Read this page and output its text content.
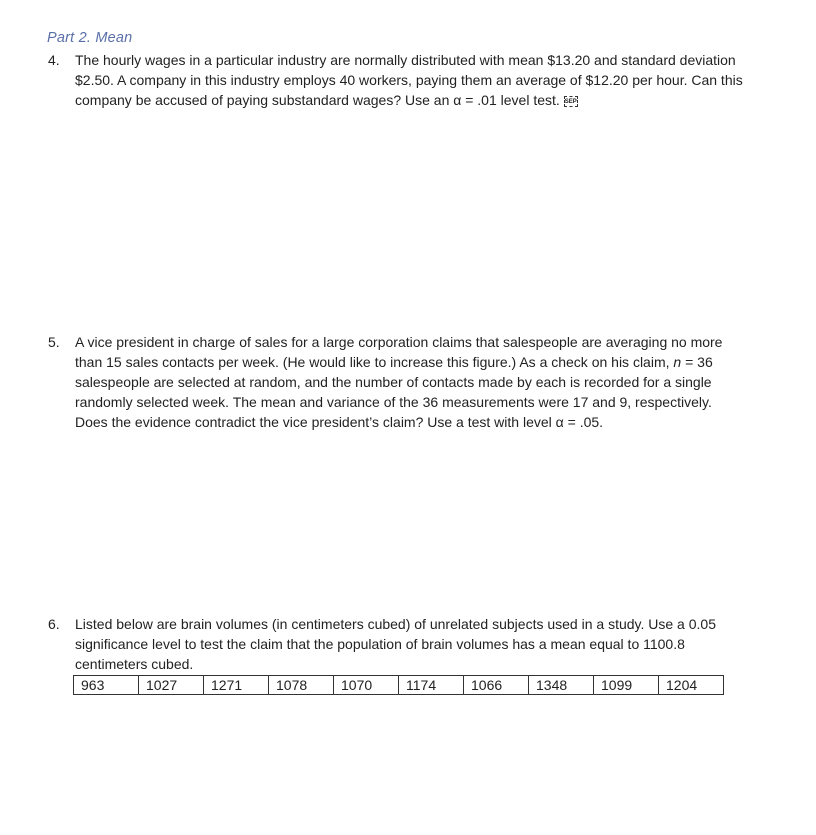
Part 2. Mean
4. The hourly wages in a particular industry are normally distributed with mean $13.20 and standard deviation $2.50. A company in this industry employs 40 workers, paying them an average of $12.20 per hour. Can this company be accused of paying substandard wages? Use an α = .01 level test. SEP
5. A vice president in charge of sales for a large corporation claims that salespeople are averaging no more than 15 sales contacts per week. (He would like to increase this figure.) As a check on his claim, n = 36 salespeople are selected at random, and the number of contacts made by each is recorded for a single randomly selected week. The mean and variance of the 36 measurements were 17 and 9, respectively. Does the evidence contradict the vice president’s claim? Use a test with level α = .05.
6. Listed below are brain volumes (in centimeters cubed) of unrelated subjects used in a study. Use a 0.05 significance level to test the claim that the population of brain volumes has a mean equal to 1100.8 centimeters cubed.
963	1027	1271	1078	1070	1174	1066	1348	1099	1204
